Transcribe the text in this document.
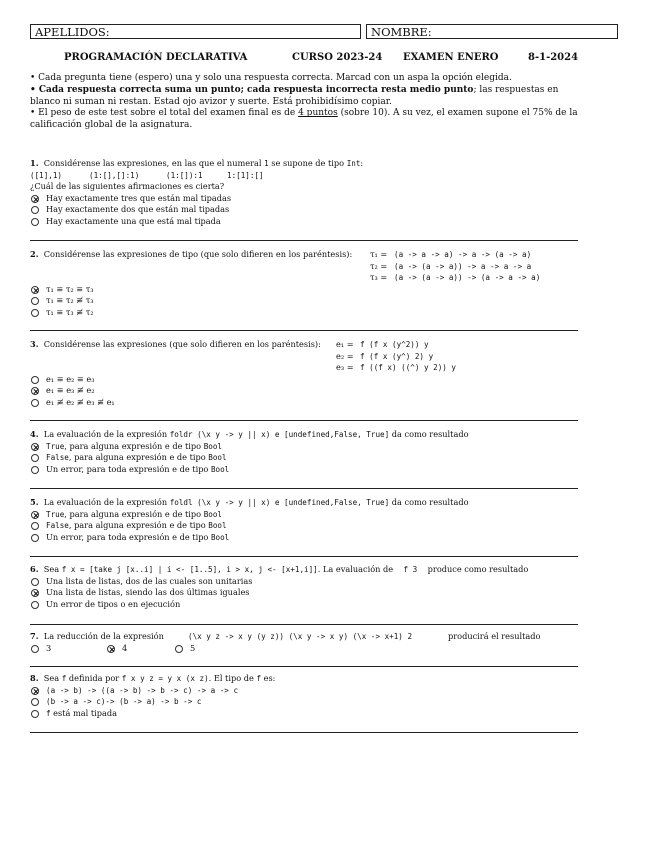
APELLIDOS:	NOMBRE:
PROGRAMACIÓN DECLARATIVA	CURSO 2023-24 EXAMEN ENERO	8-1-2024

• Cada pregunta tiene (espero) una y solo una respuesta correcta. Marcad con un aspa la opción elegida.

• Cada respuesta correcta suma un punto; cada respuesta incorrecta resta medio punto; las respuestas en blanco ni suman ni restan. Estad ojo avizor y suerte. Está prohibidísimo copiar.

• El peso de este test sobre el total del examen final es de 4 puntos (sobre 10). A su vez, el examen supone el 75% de la calificación global de la asignatura.

1. Considérense las expresiones, en las que el numeral 1 se supone de tipo Int:
([1],1)	(1:[],[]:1)	(1:[]):1	1:[1]:[]
¿Cuál de las siguientes afirmaciones es cierta?
Hay exactamente tres que están mal tipadas
Hay exactamente dos que están mal tipadas
Hay exactamente una que está mal tipada
2. Considérense las expresiones de tipo (que solo difieren en los paréntesis): τ₁ = (a -> a -> a) -> a -> (a -> a)
τ₂ = (a -> (a -> a)) -> a -> a -> a
τ₃ = (a -> (a -> a)) -> (a -> a -> a)
τ₁ ≡ τ₂ ≡ τ₃
τ₁ ≡ τ₂ ≢ τ₃
τ₁ ≡ τ₃ ≢ τ₂
3. Considérense las expresiones (que solo difieren en los paréntesis): e₁ = f (f x (y^2)) y
e₂ = f (f x (y^) 2) y
e₃ = f ((f x) ((^) y 2)) y
e₁ ≡ e₂ ≡ e₃
e₁ ≡ e₃ ≢ e₂
e₁ ≢ e₂ ≢ e₃ ≢ e₁
4. La evaluación de la expresión foldr (\x y -> y || x) e [undefined,False, True] da como resultado
True, para alguna expresión e de tipo Bool
False, para alguna expresión e de tipo Bool
Un error, para toda expresión e de tipo Bool
5. La evaluación de la expresión foldl (\x y -> y || x) e [undefined,False, True] da como resultado
True, para alguna expresión e de tipo Bool
False, para alguna expresión e de tipo Bool
Un error, para toda expresión e de tipo Bool
6. Sea f x = [take j [x..i] | i <- [1..5], i > x, j <- [x+1,i]]. La evaluación de    f 3    produce como resultado
Una lista de listas, dos de las cuales son unitarias
Una lista de listas, siendo las dos últimas iguales
Un error de tipos o en ejecución
7. La reducción de la expresión	(\x y z -> x y (y z)) (\x y -> x y) (\x -> x+1) 2	producirá el resultado
3	4	5
8. Sea f definida por f x y z = y x (x z). El tipo de f es:
(a -> b) -> ((a -> b) -> b -> c) -> a -> c
(b -> a -> c)-> (b -> a) -> b -> c
f está mal tipada
